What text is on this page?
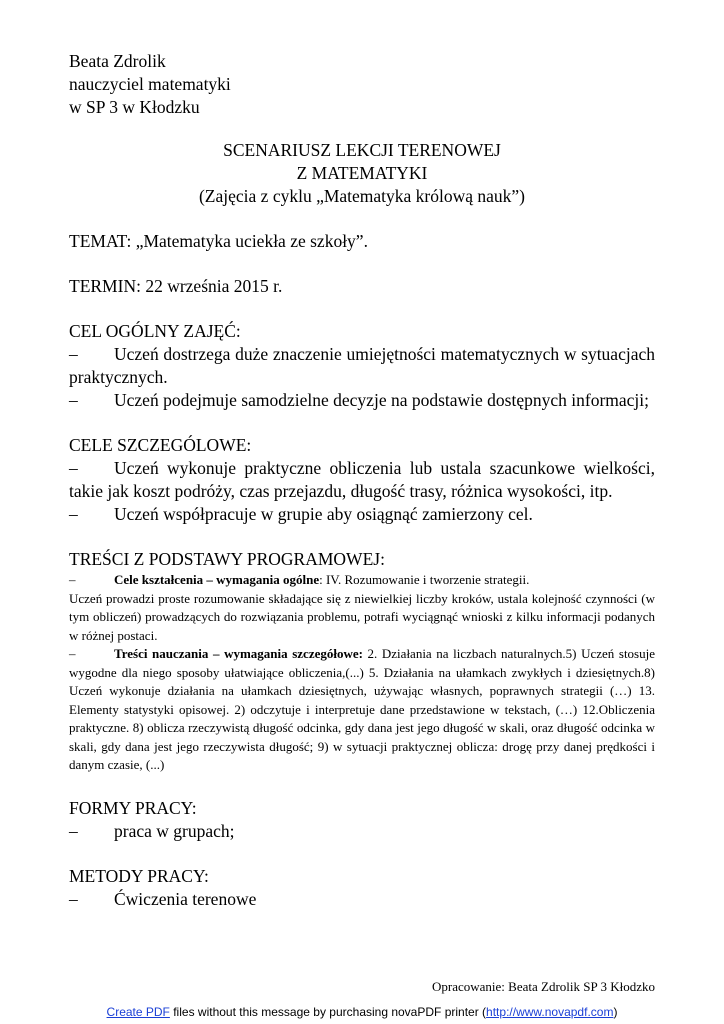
Beata Zdrolik
nauczyciel matematyki
w SP 3 w Kłodzku
SCENARIUSZ LEKCJI TERENOWEJ
Z MATEMATYKI
(Zajęcia z cyklu „Matematyka królową nauk”)
TEMAT: „Matematyka uciekła ze szkoły”.
TERMIN: 22 września 2015 r.
CEL OGÓLNY ZAJĘĆ:
– Uczeń dostrzega duże znaczenie umiejętności matematycznych w sytuacjach praktycznych.
– Uczeń podejmuje samodzielne decyzje na podstawie dostępnych informacji;
CELE SZCZEGÓLOWE:
– Uczeń wykonuje praktyczne obliczenia lub ustala szacunkowe wielkości, takie jak koszt podróży, czas przejazdu, długość trasy, różnica wysokości, itp.
– Uczeń współpracuje w grupie aby osiągnąć zamierzony cel.
TREŚCI Z PODSTAWY PROGRAMOWEJ:
–	Cele kształcenia – wymagania ogólne: IV. Rozumowanie i tworzenie strategii.
Uczeń prowadzi proste rozumowanie składające się z niewielkiej liczby kroków, ustala kolejność czynności (w tym obliczeń) prowadzących do rozwiązania problemu, potrafi wyciągnąć wnioski z kilku informacji podanych w różnej postaci.
–	Treści nauczania – wymagania szczegółowe: 2. Działania na liczbach naturalnych.5) Uczeń stosuje wygodne dla niego sposoby ułatwiające obliczenia,(...) 5. Działania na ułamkach zwykłych i dziesiętnych.8) Uczeń wykonuje działania na ułamkach dziesiętnych, używając własnych, poprawnych strategii (…) 13. Elementy statystyki opisowej. 2) odczytuje i interpretuje dane przedstawione w tekstach, (…) 12.Obliczenia praktyczne. 8) oblicza rzeczywistą długość odcinka, gdy dana jest jego długość w skali, oraz długość odcinka w skali, gdy dana jest jego rzeczywista długość; 9) w sytuacji praktycznej oblicza: drogę przy danej prędkości i danym czasie, (...)
FORMY PRACY:
– praca w grupach;
METODY PRACY:
– Ćwiczenia terenowe
Opracowanie: Beata Zdrolik SP 3 Kłodzko
Create PDF files without this message by purchasing novaPDF printer (http://www.novapdf.com)
